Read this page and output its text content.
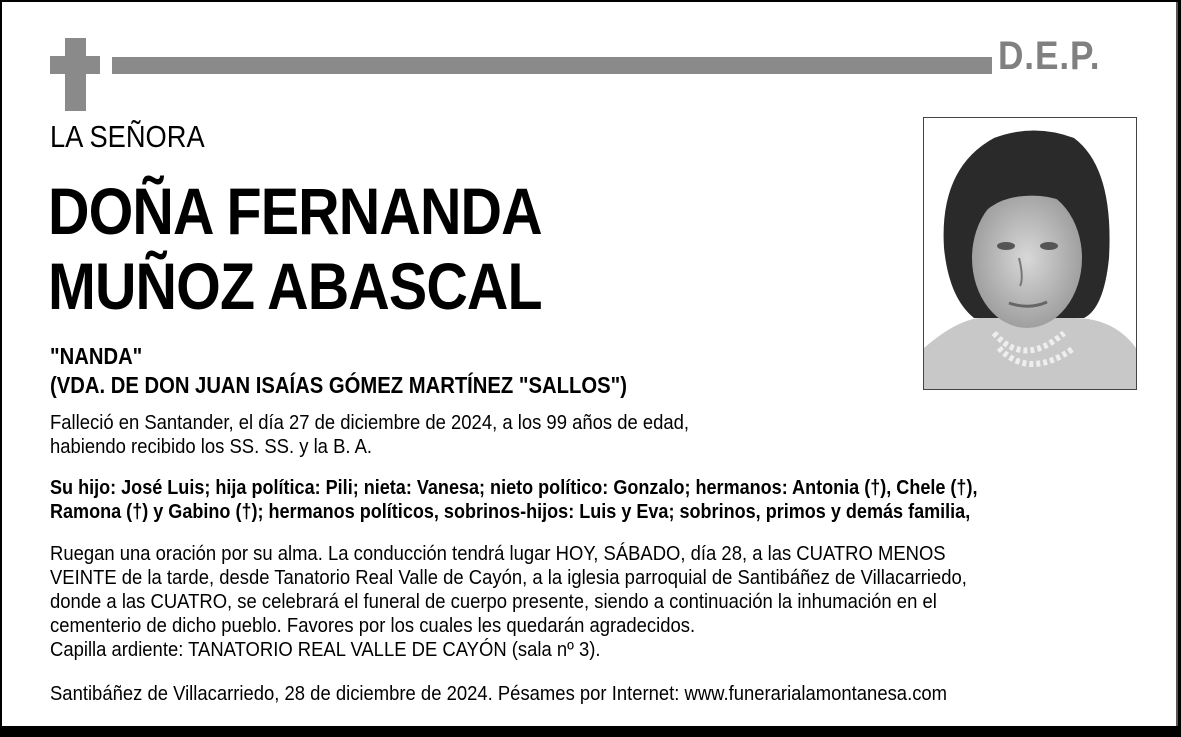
D.E.P.
LA SEÑORA
DOÑA FERNANDA
MUÑOZ ABASCAL
"NANDA"
(VDA. DE DON JUAN ISAÍAS GÓMEZ MARTÍNEZ "SALLOS")
Falleció en Santander, el día 27 de diciembre de 2024, a los 99 años de edad,
habiendo recibido los SS. SS. y la B. A.
Su hijo: José Luis; hija política: Pili; nieta: Vanesa; nieto político: Gonzalo; hermanos: Antonia (†), Chele (†),
Ramona (†) y Gabino (†); hermanos políticos, sobrinos-hijos: Luis y Eva; sobrinos, primos y demás familia,
Ruegan una oración por su alma. La conducción tendrá lugar HOY, SÁBADO, día 28, a las CUATRO MENOS
VEINTE de la tarde, desde Tanatorio Real Valle de Cayón, a la iglesia parroquial de Santibáñez de Villacarriedo,
donde a las CUATRO, se celebrará el funeral de cuerpo presente, siendo a continuación la inhumación en el
cementerio de dicho pueblo. Favores por los cuales les quedarán agradecidos.
Capilla ardiente: TANATORIO REAL VALLE DE CAYÓN (sala nº 3).
Santibáñez de Villacarriedo, 28 de diciembre de 2024. Pésames por Internet: www.funerarialamontanesa.com
